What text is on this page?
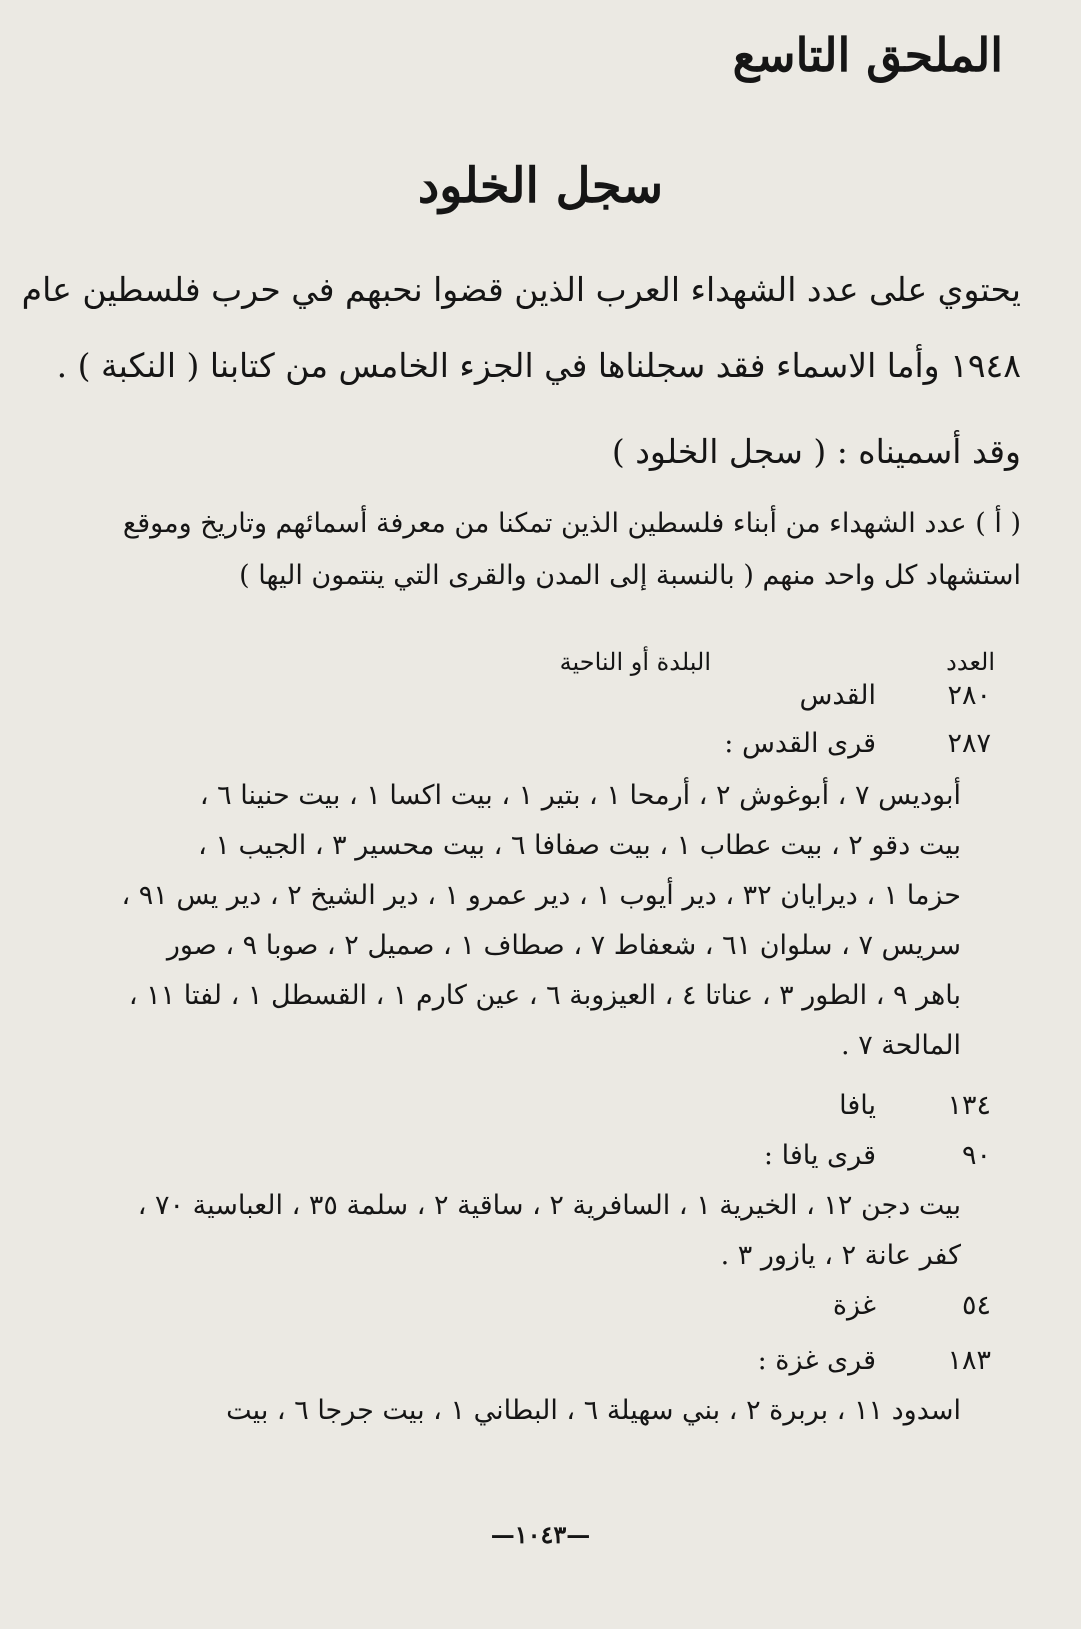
الملحق التاسع
سجل الخلود
يحتوي على عدد الشهداء العرب الذين قضوا نحبهم في حرب فلسطين عام
١٩٤٨ وأما الاسماء فقد سجلناها في الجزء الخامس من كتابنا ( النكبة ) .
وقد أسميناه : ( سجل الخلود )
( أ ) عدد الشهداء من أبناء فلسطين الذين تمكنا من معرفة أسمائهم وتاريخ وموقع
استشهاد كل واحد منهم ( بالنسبة إلى المدن والقرى التي ينتمون اليها )
العدد
البلدة أو الناحية
٢٨٠
القدس
٢٨٧
قرى القدس :
أبوديس ٧ ، أبوغوش ٢ ، أرمحا ١ ، بتير ١ ، بيت اكسا ١ ، بيت حنينا ٦ ،
بيت دقو ٢ ، بيت عطاب ١ ، بيت صفافا ٦ ، بيت محسير ٣ ، الجيب ١ ،
حزما ١ ، ديرايان ٣٢ ، دير أيوب ١ ، دير عمرو ١ ، دير الشيخ ٢ ، دير يس ٩١ ،
سريس ٧ ، سلوان ٦١ ، شعفاط ٧ ، صطاف ١ ، صميل ٢ ، صوبا ٩ ، صور
باهر ٩ ، الطور ٣ ، عناتا ٤ ، العيزوبة ٦ ، عين كارم ١ ، القسطل ١ ، لفتا ١١ ،
المالحة ٧ .
١٣٤
يافا
٩٠
قرى يافا :
بيت دجن ١٢ ، الخيرية ١ ، السافرية ٢ ، ساقية ٢ ، سلمة ٣٥ ، العباسية ٧٠ ،
كفر عانة ٢ ، يازور ٣ .
٥٤
غزة
١٨٣
قرى غزة :
اسدود ١١ ، بربرة ٢ ، بني سهيلة ٦ ، البطاني ١ ، بيت جرجا ٦ ، بيت
—١٠٤٣—
